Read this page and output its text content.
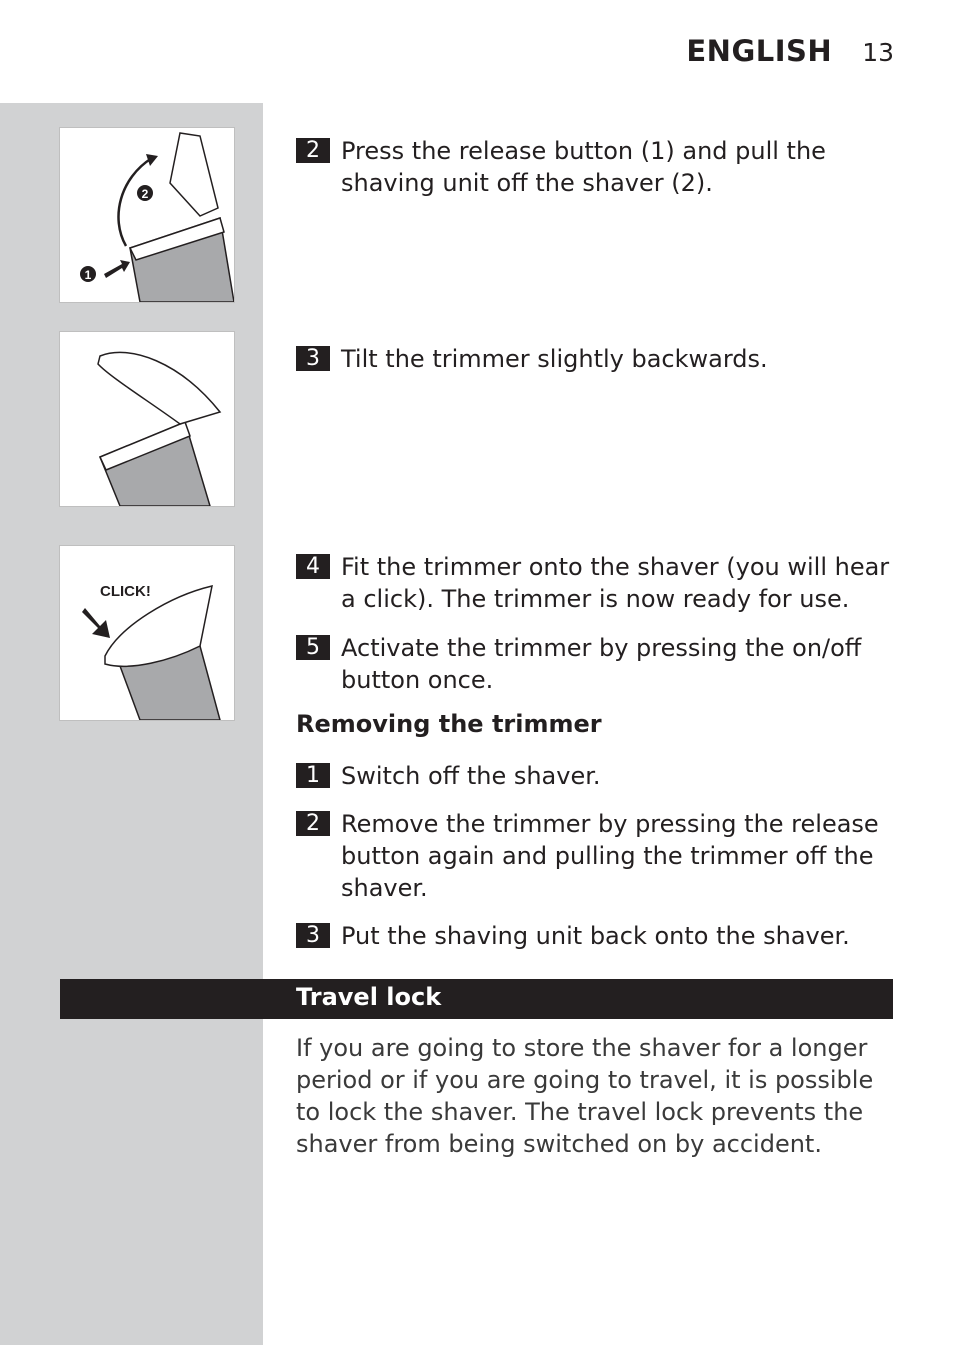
ENGLISH 13
2
1
CLICK!
2 Press the release button (1) and pull the shaving unit off the shaver (2).
3 Tilt the trimmer slightly backwards.
4 Fit the trimmer onto the shaver (you will hear a click). The trimmer is now ready for use.
5 Activate the trimmer by pressing the on/off button once.
Removing the trimmer
1 Switch off the shaver.
2 Remove the trimmer by pressing the release button again and pulling the trimmer off the shaver.
3 Put the shaving unit back onto the shaver.
Travel lock
If you are going to store the shaver for a longer period or if you are going to travel, it is possible to lock the shaver. The travel lock prevents the shaver from being switched on by accident.
